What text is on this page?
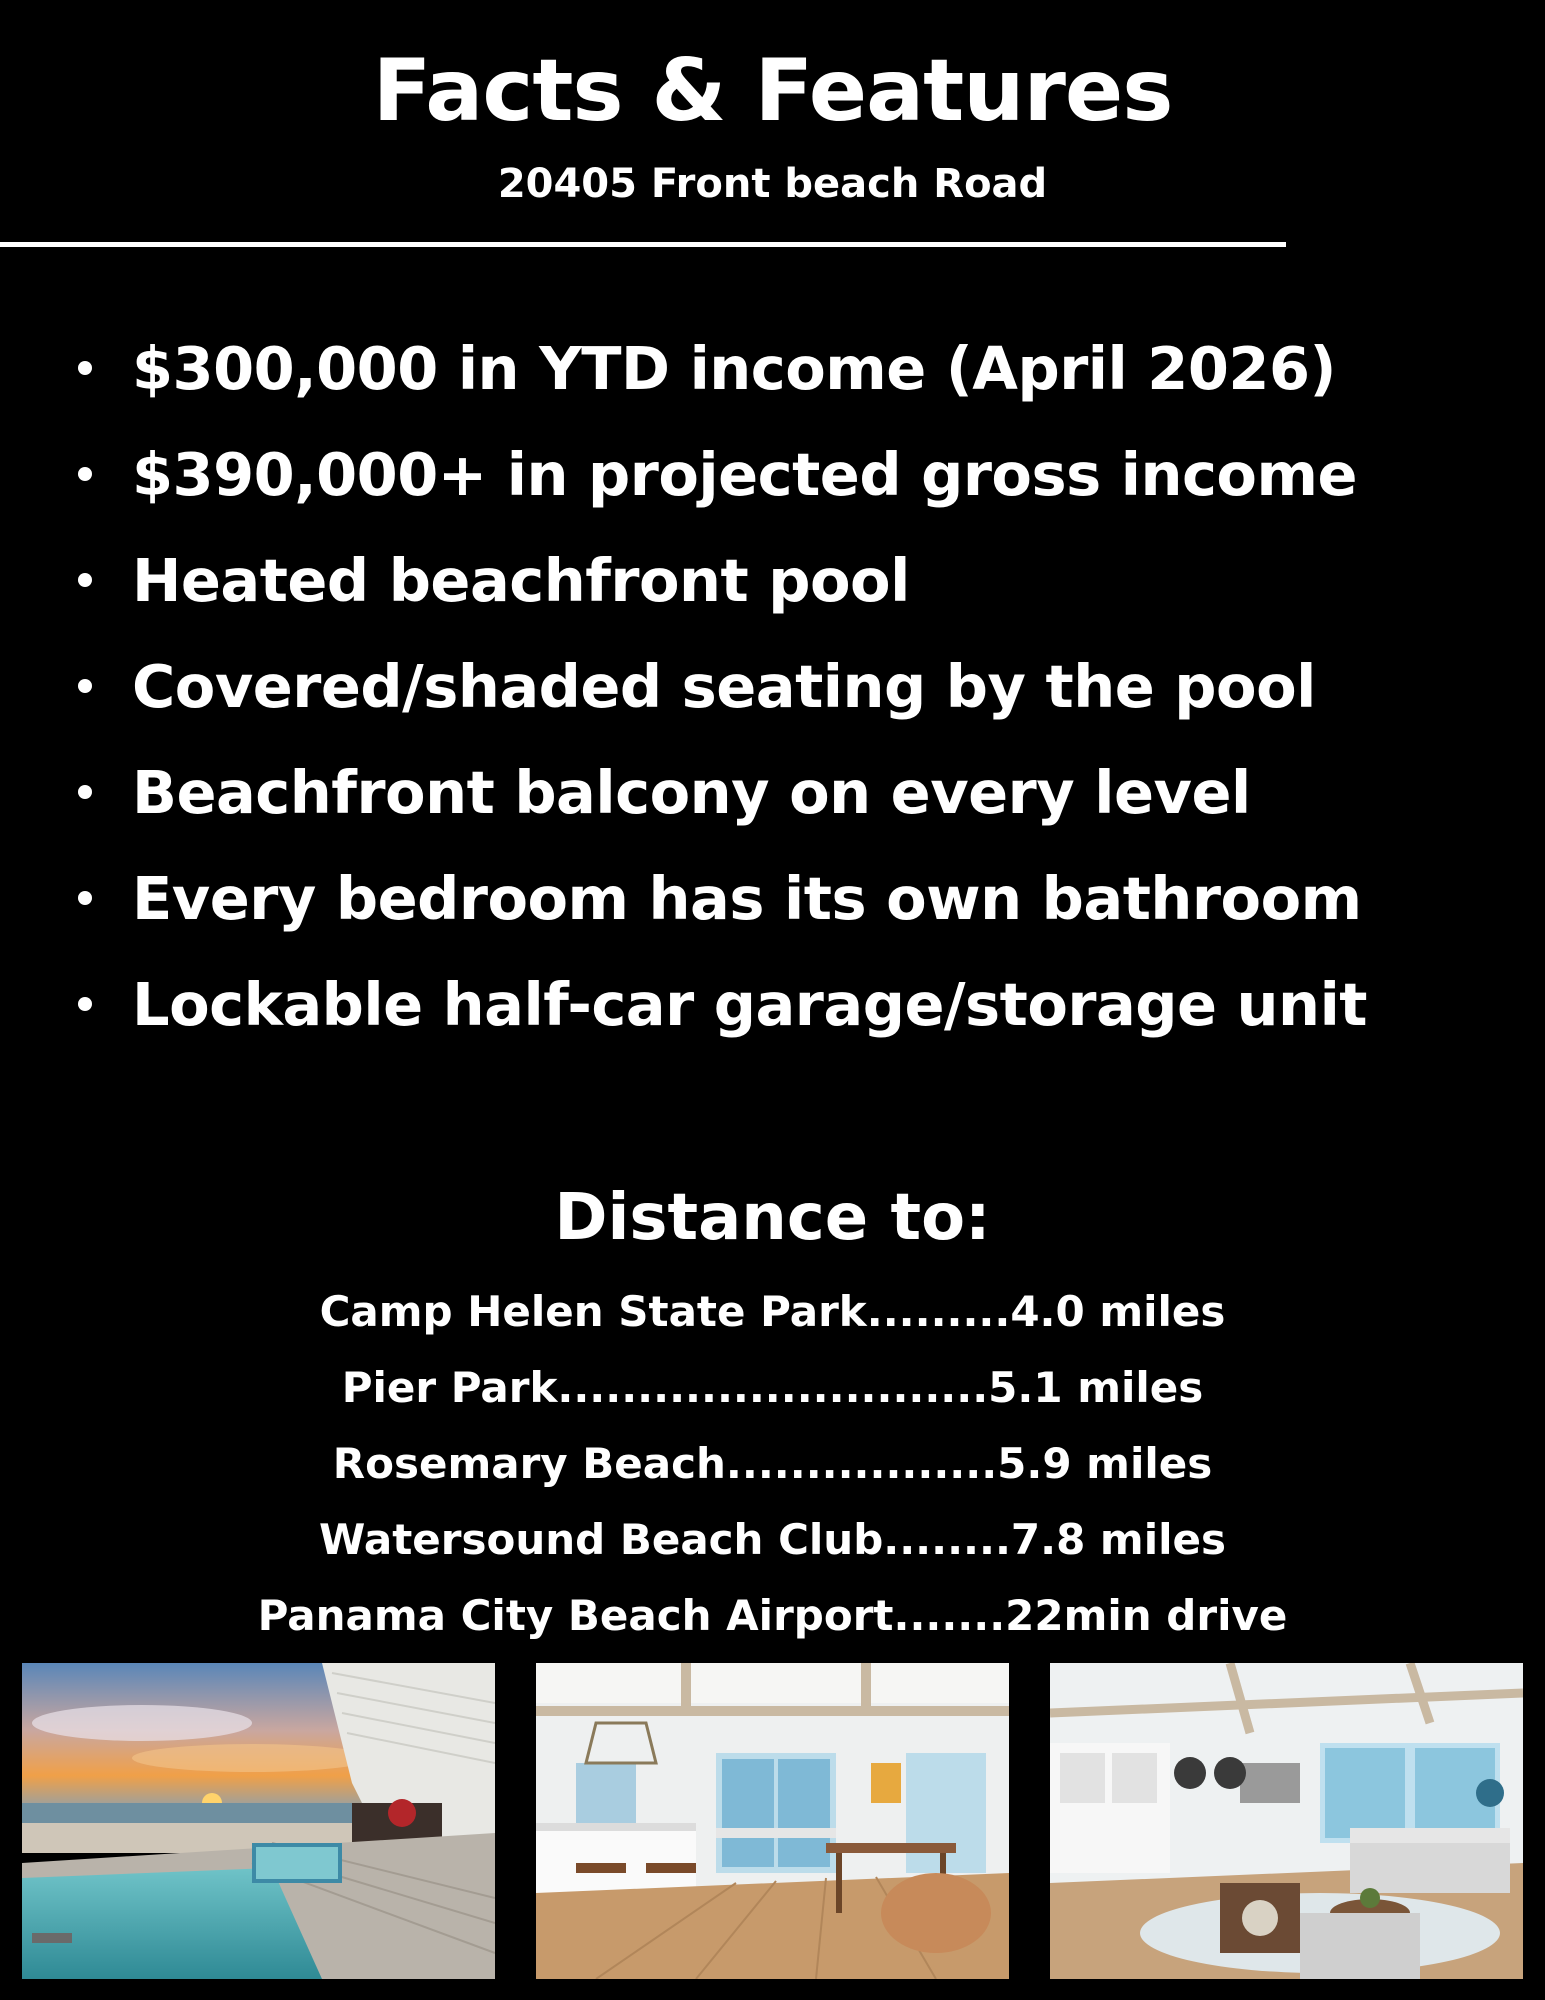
Facts & Features
20405 Front beach Road
$300,000 in YTD income (April 2026)
$390,000+ in projected gross income
Heated beachfront pool
Covered/shaded seating by the pool
Beachfront balcony on every level
Every bedroom has its own bathroom
Lockable half-car garage/storage unit
Distance to:
Camp Helen State Park.........4.0 miles
Pier Park...........................5.1 miles
Rosemary Beach.................5.9 miles
Watersound Beach Club........7.8 miles
Panama City Beach Airport.......22min drive
